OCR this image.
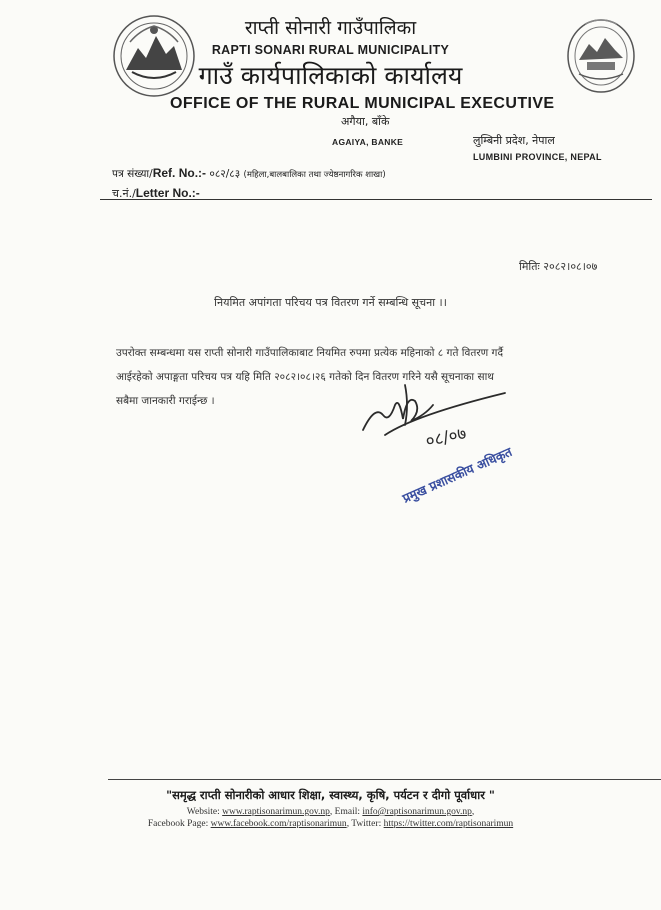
राप्ती सोनारी गाउँपालिका
RAPTI SONARI RURAL MUNICIPALITY
गाउँ कार्यपालिकाको कार्यालय
OFFICE OF THE RURAL MUNICIPAL EXECUTIVE
अगैया, बाँके
AGAIYA, BANKE	लुम्बिनी प्रदेश, नेपाल
LUMBINI PROVINCE, NEPAL
पत्र संख्या/Ref. No.:- ०८२/८३ (महिला,बालबालिका तथा ज्येष्ठनागरिक शाखा)
च.नं./Letter No.:-
मितिः २०८२।०८।०७
नियमित अपांगता परिचय पत्र वितरण गर्ने सम्बन्धि सूचना ।।
उपरोक्त सम्बन्धमा यस राप्ती सोनारी गाउँपालिकाबाट नियमित रुपमा प्रत्येक महिनाको ८ गते वितरण गर्दै
आईरहेको अपाङ्गता परिचय पत्र यहि मिति २०८२।०८।२६ गतेको दिन वितरण गरिने यसै सूचनाका साथ
सबैमा जानकारी गराईन्छ ।
०८/०७
प्रमुख प्रशासकीय अधिकृत
"समृद्ध राप्ती सोनारीको आधार शिक्षा, स्वास्थ्य, कृषि, पर्यटन र दीगो पूर्वाधार "
Website: www.raptisonarimun.gov.np, Email: info@raptisonarimun.gov.np,
Facebook Page: www.facebook.com/raptisonarimun, Twitter: https://twitter.com/raptisonarimun
